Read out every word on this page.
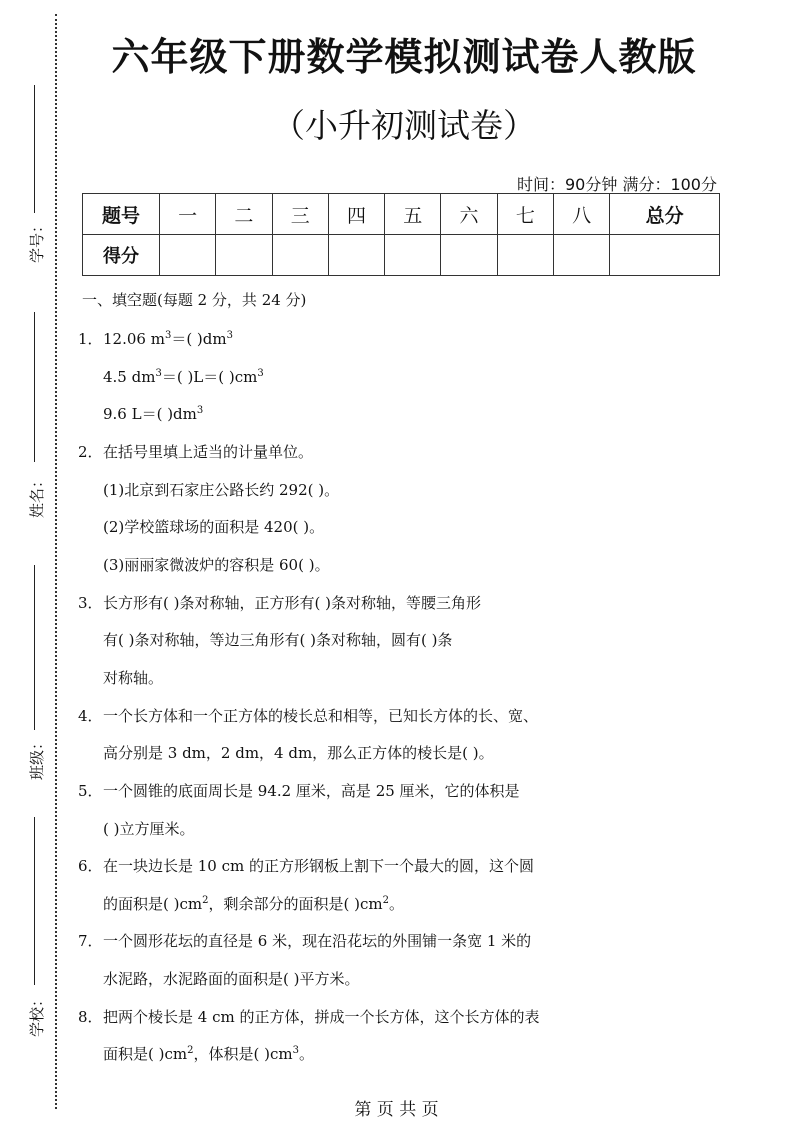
学号：
姓名：
班级：
学校：
六年级下册数学模拟测试卷人教版
（小升初测试卷）
时间：90分钟 满分：100分
题号	一	二	三	四	五	六	七	八	总分
得分									
一、填空题(每题 2 分，共 24 分)
1． 12.06 $m^3=$( )$dm^3$
4.5 $dm^3=$( )L＝( )$cm^3$
9.6 L＝( )$dm^3$
2． 在括号里填上适当的计量单位。
(1)北京到石家庄公路长约 292( )。
(2)学校篮球场的面积是 420( )。
(3)丽丽家微波炉的容积是 60( )。
3． 长方形有( )条对称轴，正方形有( )条对称轴，等腰三角形
有( )条对称轴，等边三角形有( )条对称轴，圆有( )条
对称轴。
4． 一个长方体和一个正方体的棱长总和相等，已知长方体的长、宽、
高分别是 3 dm，2 dm，4 dm，那么正方体的棱长是( )。
5． 一个圆锥的底面周长是 94.2 厘米，高是 25 厘米，它的体积是
( )立方厘米。
6． 在一块边长是 10 cm 的正方形钢板上割下一个最大的圆，这个圆
的面积是( )$cm^2$，剩余部分的面积是( )$cm^2$。
7． 一个圆形花坛的直径是 6 米，现在沿花坛的外围铺一条宽 1 米的
水泥路，水泥路面的面积是( )平方米。
8． 把两个棱长是 4 cm 的正方体，拼成一个长方体，这个长方体的表
面积是( )$cm^2$，体积是( )$cm^3$。
第 页 共 页
